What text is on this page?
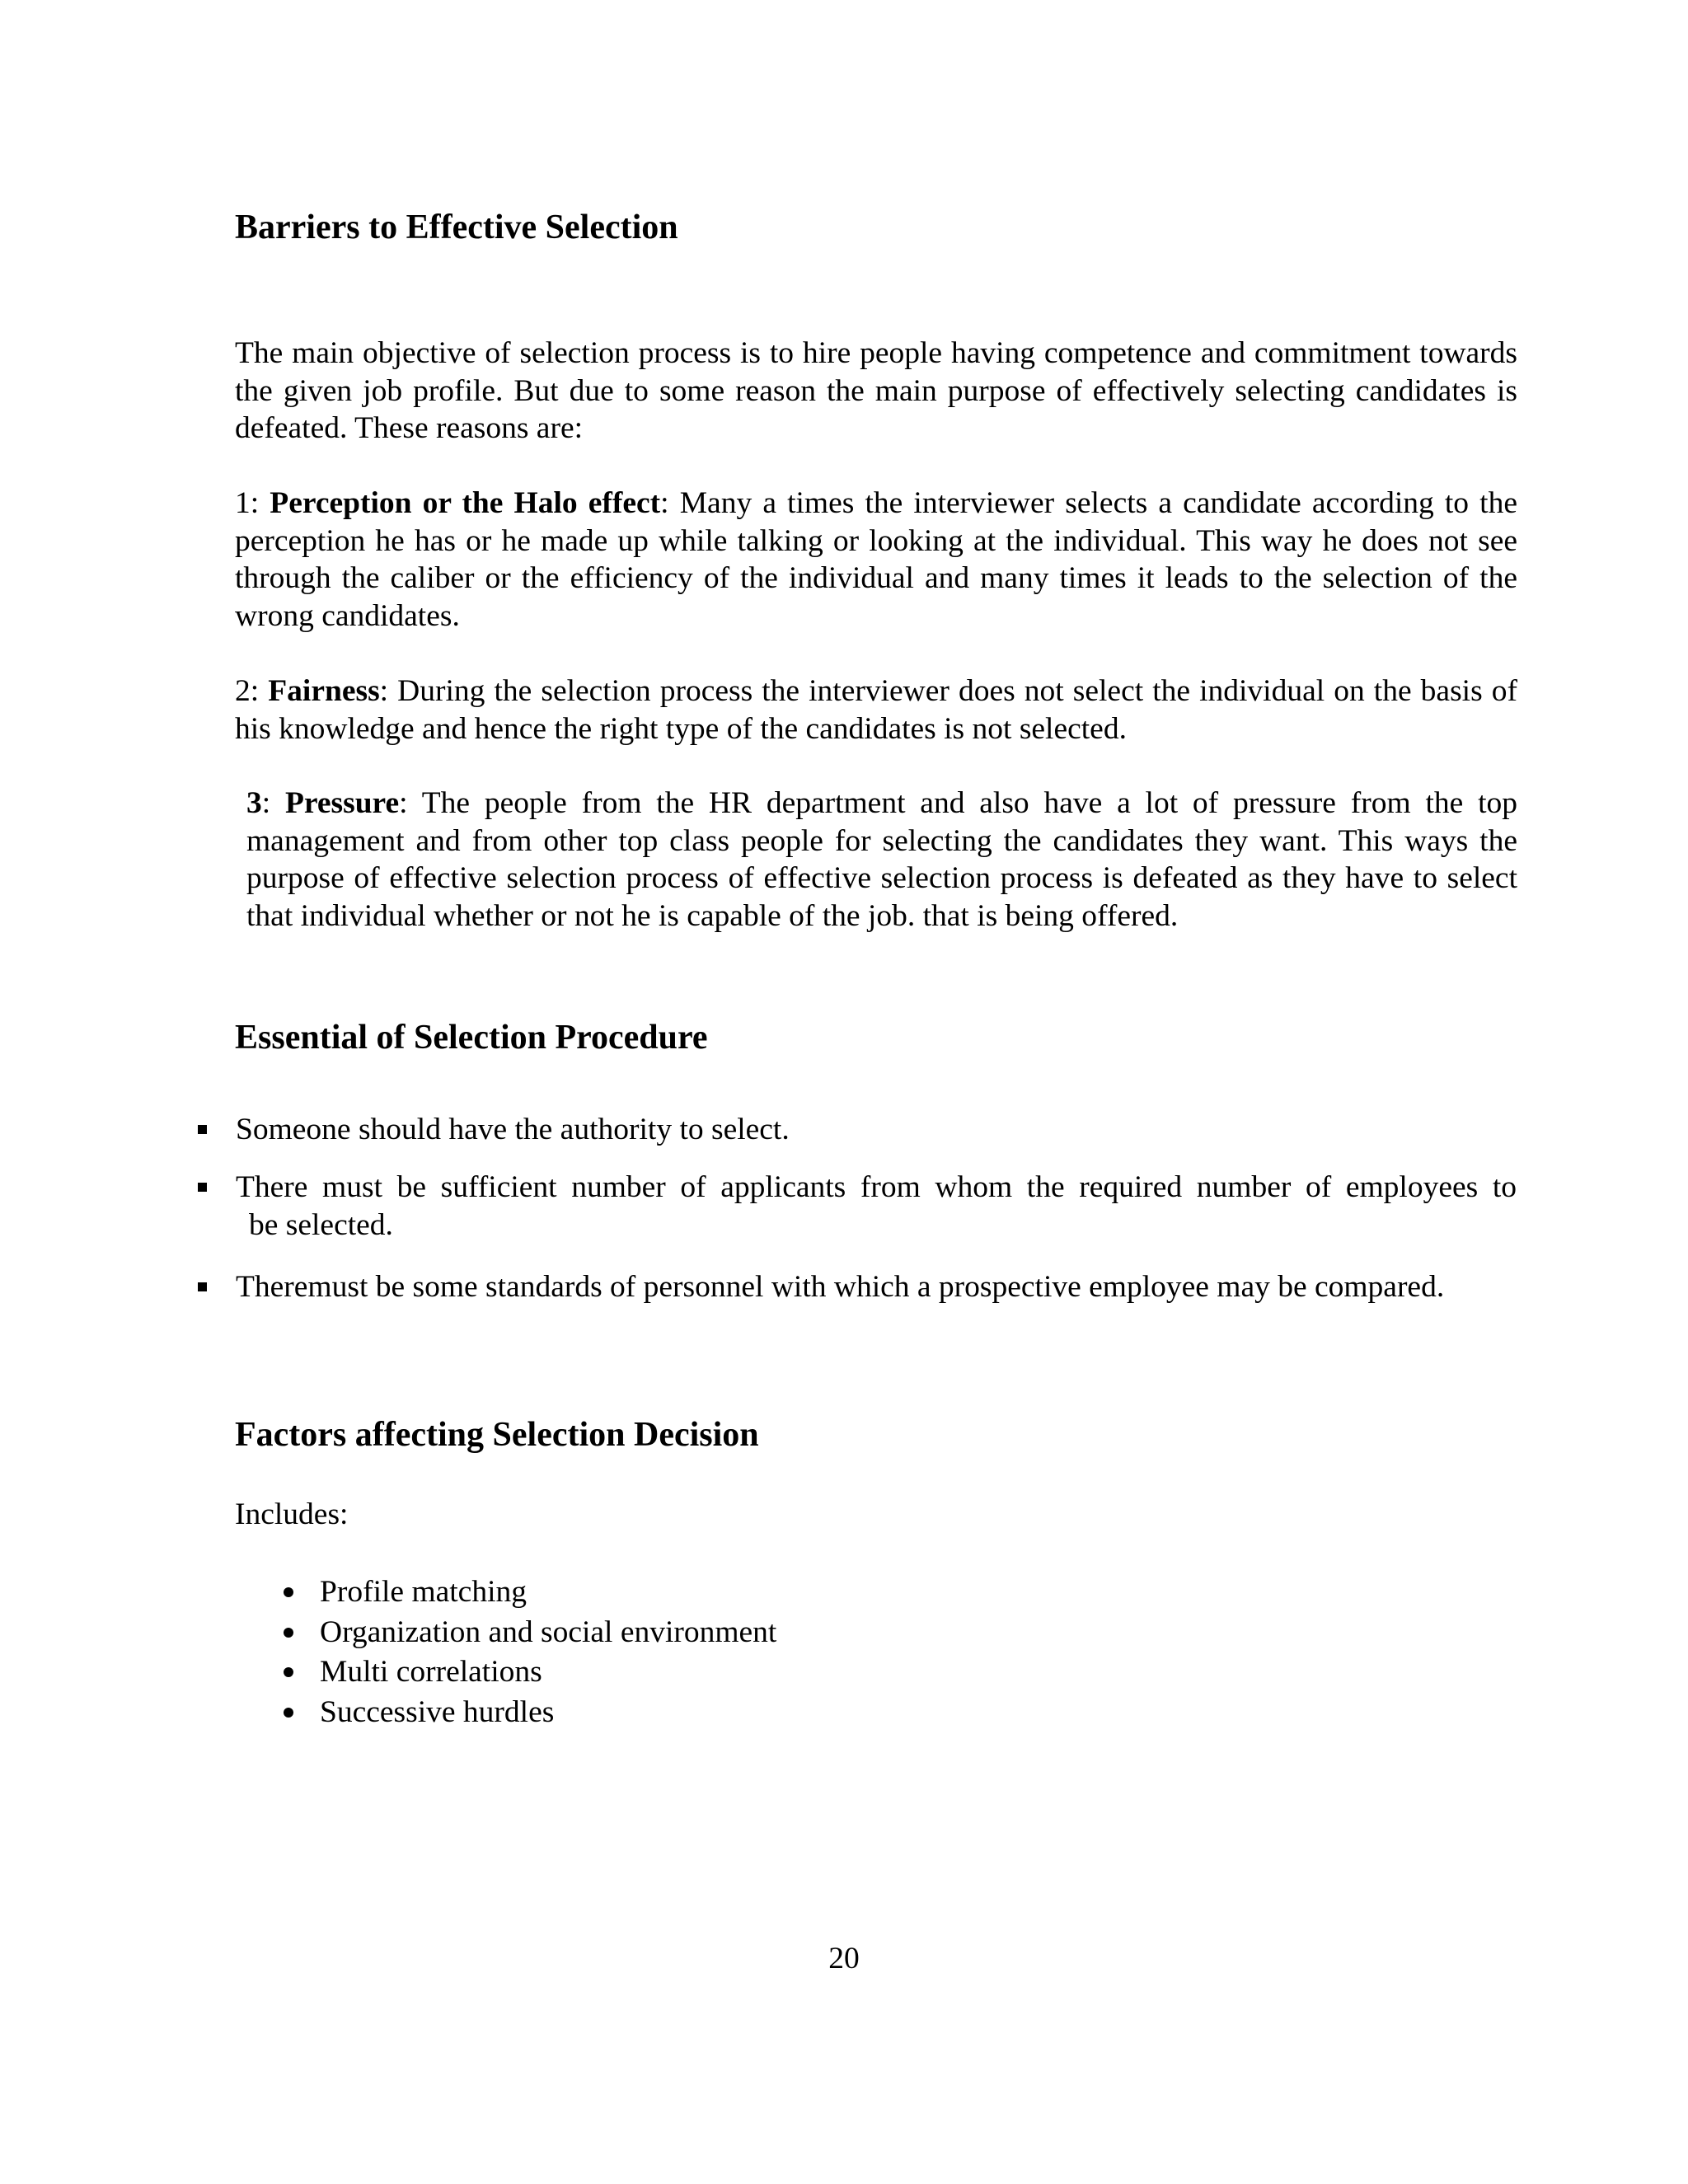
Barriers to Effective Selection

The main objective of selection process is to hire people having competence and commitment towards the given job profile. But due to some reason the main purpose of effectively selecting candidates is defeated. These reasons are:

1: Perception or the Halo effect: Many a times the interviewer selects a candidate according to the perception he has or he made up while talking or looking at the individual. This way he does not see through the caliber or the efficiency of the individual and many times it leads to the selection of the wrong candidates.

2: Fairness: During the selection process the interviewer does not select the individual on the basis of his knowledge and hence the right type of the candidates is not selected.

3: Pressure: The people from the HR department and also have a lot of pressure from the top management and from other top class people for selecting the candidates they want. This ways the purpose of effective selection process of effective selection process is defeated as they have to select that individual whether or not he is capable of the job. that is being offered.

Essential of Selection Procedure
Someone should have the authority to select.
There must be sufficient number of applicants from whom the required number of employees to
be selected.
Theremust be some standards of personnel with which a prospective employee may be compared.
Factors affecting Selection Decision

Includes:

Profile matching
Organization and social environment
Multi correlations
Successive hurdles
20
